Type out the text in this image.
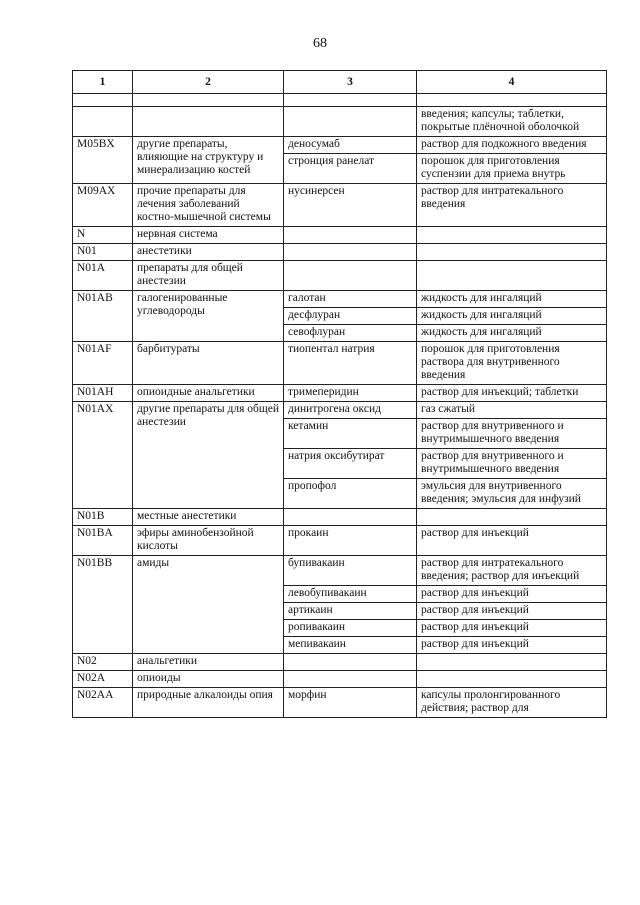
68
1	2	3	4

			введения; капсулы; таблетки, покрытые плёночной оболочкой
M05BX	другие препараты, влияющие на структуру и минерализацию костей	деносумаб	раствор для подкожного введения
		стронция ранелат	порошок для приготовления суспензии для приема внутрь
M09AX	прочие препараты для лечения заболеваний костно-мышечной системы	нусинерсен	раствор для интратекального введения
N	нервная система		
N01	анестетики		
N01A	препараты для общей анестезии		
N01AB	галогенированные углеводороды	галотан	жидкость для ингаляций
		десфлуран	жидкость для ингаляций
		севофлуран	жидкость для ингаляций
N01AF	барбитураты	тиопентал натрия	порошок для приготовления раствора для внутривенного введения
N01AH	опиоидные анальгетики	тримеперидин	раствор для инъекций; таблетки
N01AX	другие препараты для общей анестезии	динитрогена оксид	газ сжатый
		кетамин	раствор для внутривенного и внутримышечного введения
		натрия оксибутират	раствор для внутривенного и внутримышечного введения
		пропофол	эмульсия для внутривенного введения; эмульсия для инфузий
N01B	местные анестетики		
N01BA	эфиры аминобензойной кислоты	прокаин	раствор для инъекций
N01BB	амиды	бупивакаин	раствор для интратекального введения; раствор для инъекций
		левобупивакаин	раствор для инъекций
		артикаин	раствор для инъекций
		ропивакаин	раствор для инъекций
		мепивакаин	раствор для инъекций
N02	анальгетики		
N02A	опиоиды		
N02AA	природные алкалоиды опия	морфин	капсулы пролонгированного действия; раствор для
